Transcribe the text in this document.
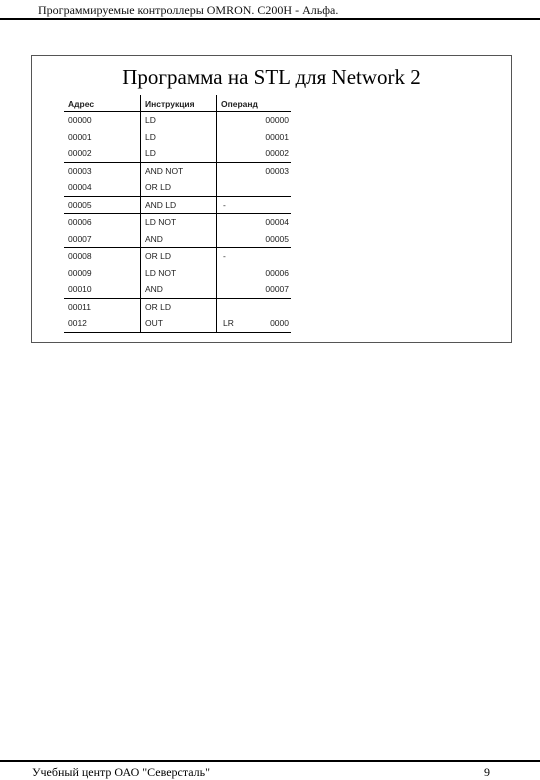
Программируемые контроллеры OMRON. C200H - Альфа.
Программа на STL для Network 2
Адрес	Инструкция	Операнд
00000	LD	00000

00001	LD	00001

00002	LD	00002

00003	AND NOT	00003

00004	OR LD	

00005	AND LD	-

00006	LD NOT	00004

00007	AND	00005

00008	OR LD	-

00009	LD NOT	00006

00010	AND	00007

00011	OR LD	

0012	OUT	LR 0000
Учебный центр ОАО "Северсталь"	9
